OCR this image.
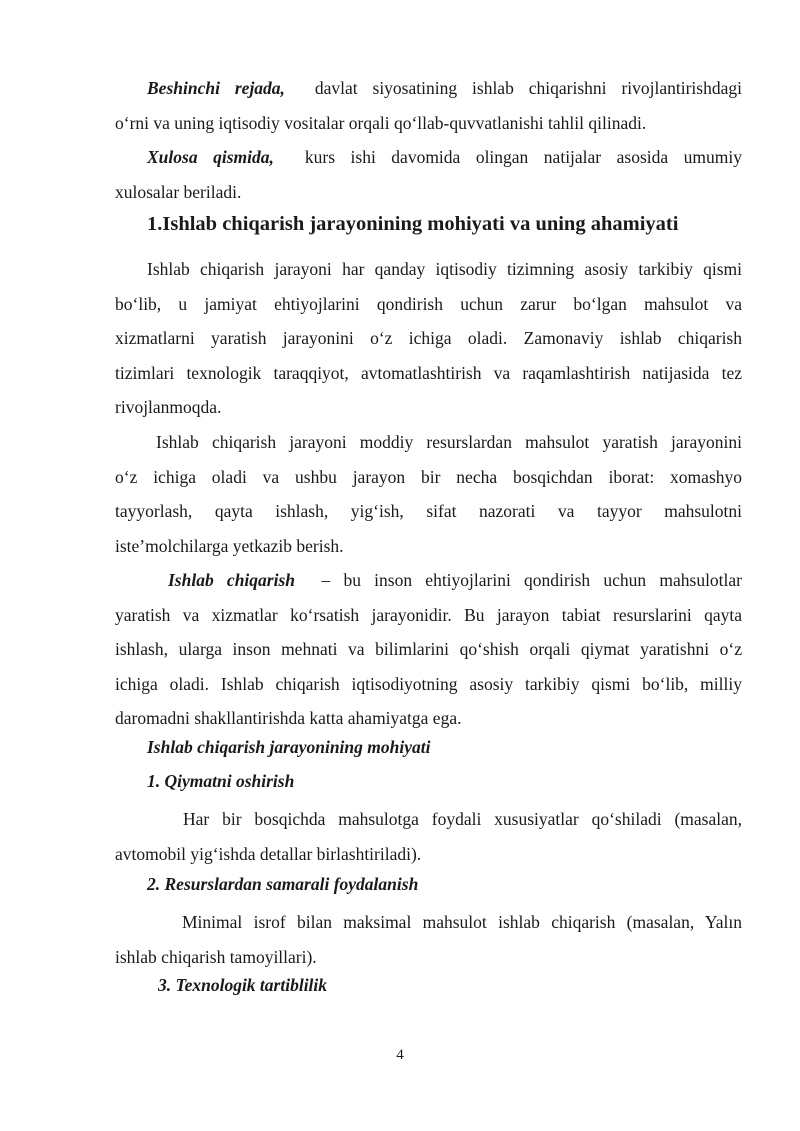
Beshinchi rejada, davlat siyosatining ishlab chiqarishni rivojlantirishdagi
o‘rni va uning iqtisodiy vositalar orqali qo‘llab-quvvatlanishi tahlil qilinadi.
Xulosa qismida, kurs ishi davomida olingan natijalar asosida umumiy
xulosalar beriladi.
1.Ishlab chiqarish jarayonining mohiyati va uning ahamiyati
Ishlab chiqarish jarayoni har qanday iqtisodiy tizimning asosiy tarkibiy qismi
bo‘lib, u jamiyat ehtiyojlarini qondirish uchun zarur bo‘lgan mahsulot va
xizmatlarni yaratish jarayonini o‘z ichiga oladi. Zamonaviy ishlab chiqarish
tizimlari texnologik taraqqiyot, avtomatlashtirish va raqamlashtirish natijasida tez
rivojlanmoqda.
Ishlab chiqarish jarayoni moddiy resurslardan mahsulot yaratish jarayonini
o‘z ichiga oladi va ushbu jarayon bir necha bosqichdan iborat: xomashyo
tayyorlash, qayta ishlash, yig‘ish, sifat nazorati va tayyor mahsulotni
iste’molchilarga yetkazib berish.
Ishlab chiqarish – bu inson ehtiyojlarini qondirish uchun mahsulotlar
yaratish va xizmatlar ko‘rsatish jarayonidir. Bu jarayon tabiat resurslarini qayta
ishlash, ularga inson mehnati va bilimlarini qo‘shish orqali qiymat yaratishni o‘z
ichiga oladi. Ishlab chiqarish iqtisodiyotning asosiy tarkibiy qismi bo‘lib, milliy
daromadni shakllantirishda katta ahamiyatga ega.
Ishlab chiqarish jarayonining mohiyati
1. Qiymatni oshirish
Har bir bosqichda mahsulotga foydali xususiyatlar qo‘shiladi (masalan,
avtomobil yig‘ishda detallar birlashtiriladi).
2. Resurslardan samarali foydalanish
Minimal isrof bilan maksimal mahsulot ishlab chiqarish (masalan, Yalın
ishlab chiqarish tamoyillari).
3. Texnologik tartiblilik
4
